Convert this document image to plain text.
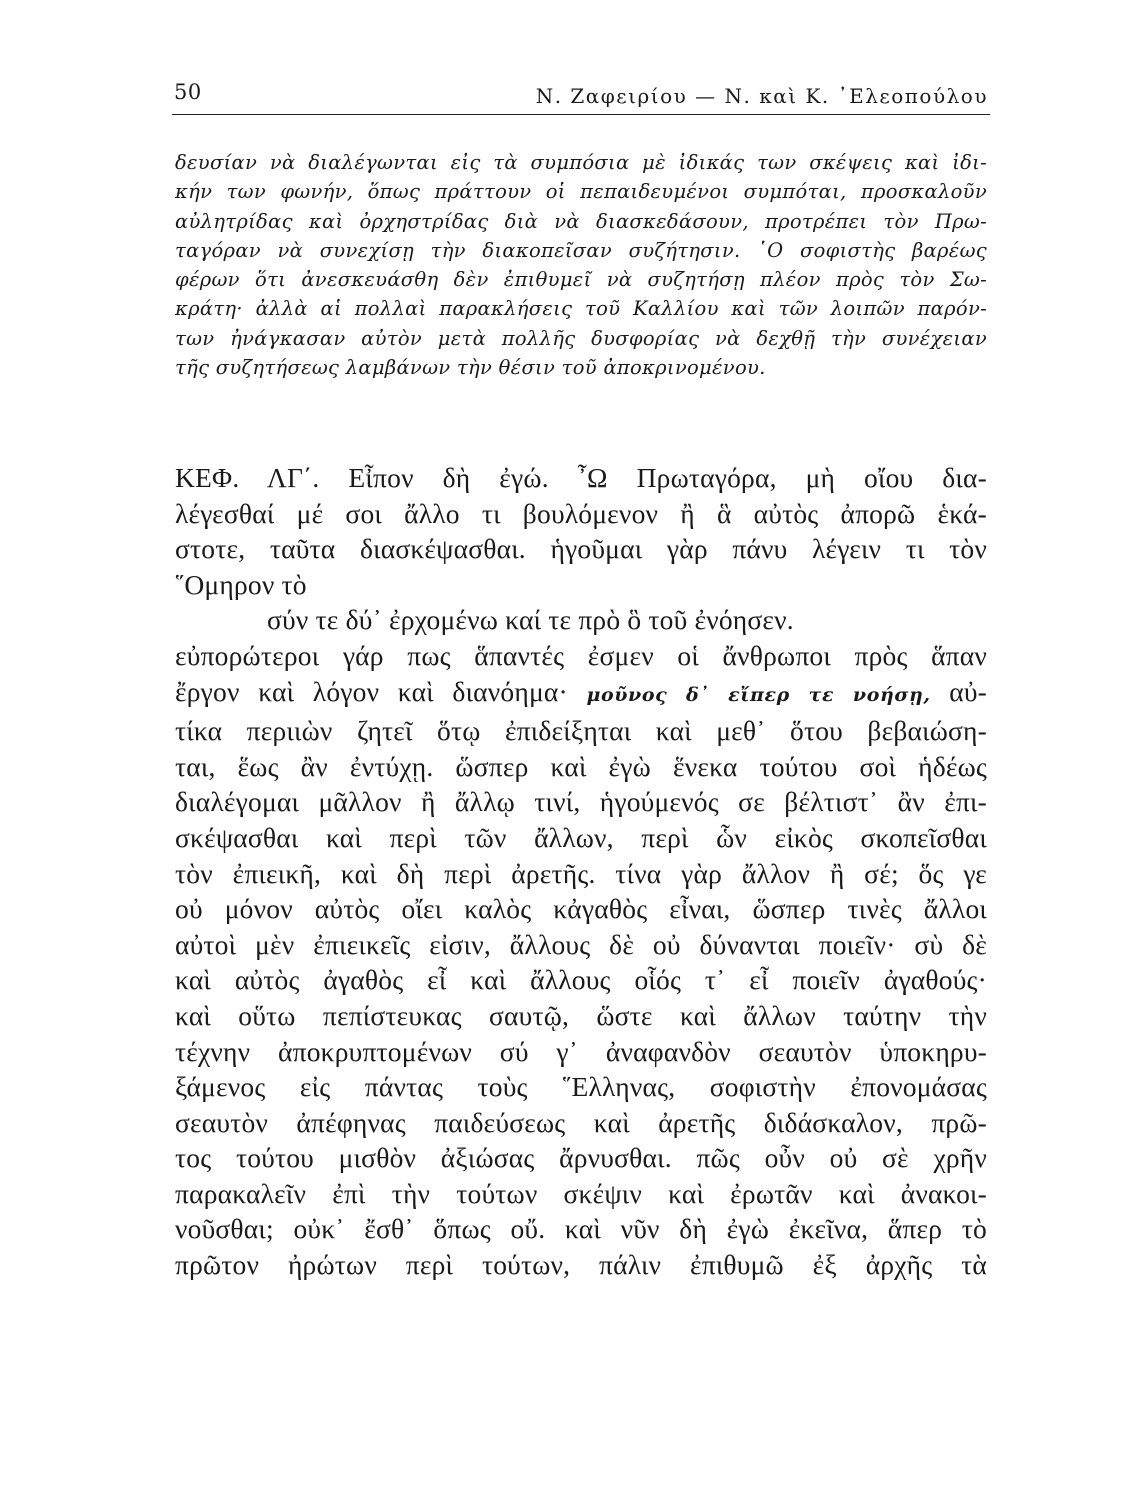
50	Ν. Ζαφειρίου — Ν. καὶ Κ. ᾿Ελεοπούλου
δευσίαν νὰ διαλέγωνται εἰς τὰ συμπόσια μὲ ἰδικάς των σκέψεις καὶ ἰδι-
κήν των φωνήν, ὅπως πράττουν οἱ πεπαιδευμένοι συμπόται, προσκαλοῦν
αὐλητρίδας καὶ ὀρχηστρίδας διὰ νὰ διασκεδάσουν, προτρέπει τὸν Πρω-
ταγόραν νὰ συνεχίσῃ τὴν διακοπεῖσαν συζήτησιν. ῾Ο σοφιστὴς βαρέως
φέρων ὅτι ἀνεσκευάσθη δὲν ἐπιθυμεῖ νὰ συζητήσῃ πλέον πρὸς τὸν Σω-
κράτη· ἀλλὰ αἱ πολλαὶ παρακλήσεις τοῦ Καλλίου καὶ τῶν λοιπῶν παρόν-
των ἠνάγκασαν αὐτὸν μετὰ πολλῆς δυσφορίας νὰ δεχθῇ τὴν συνέχειαν
τῆς συζητήσεως λαμβάνων τὴν θέσιν τοῦ ἀποκρινομένου.
ΚΕΦ. ΛΓ΄. Εἶπον δὴ ἐγώ. ῏Ω Πρωταγόρα, μὴ οἴου δια-
λέγεσθαί μέ σοι ἄλλο τι βουλόμενον ἢ ἃ αὐτὸς ἀπορῶ ἑκά-
στοτε, ταῦτα διασκέψασθαι. ἡγοῦμαι γὰρ πάνυ λέγειν τι τὸν
῞Ομηρον τὸ
σύν τε δύ᾿ ἐρχομένω καί τε πρὸ ὃ τοῦ ἐνόησεν.
εὐπορώτεροι γάρ πως ἅπαντές ἐσμεν οἱ ἄνθρωποι πρὸς ἅπαν
ἔργον καὶ λόγον καὶ διανόημα· μοῦνος δ᾿ εἴπερ τε νοήσῃ, αὐ-
τίκα περιιὼν ζητεῖ ὅτῳ ἐπιδείξηται καὶ μεθ᾿ ὅτου βεβαιώση-
ται, ἕως ἂν ἐντύχῃ. ὥσπερ καὶ ἐγὼ ἕνεκα τούτου σοὶ ἡδέως
διαλέγομαι μᾶλλον ἢ ἄλλῳ τινί, ἡγούμενός σε βέλτιστ᾿ ἂν ἐπι-
σκέψασθαι καὶ περὶ τῶν ἄλλων, περὶ ὧν εἰκὸς σκοπεῖσθαι
τὸν ἐπιεικῆ, καὶ δὴ περὶ ἀρετῆς. τίνα γὰρ ἄλλον ἢ σέ; ὅς γε
οὐ μόνον αὐτὸς οἴει καλὸς κἀγαθὸς εἶναι, ὥσπερ τινὲς ἄλλοι
αὐτοὶ μὲν ἐπιεικεῖς εἰσιν, ἄλλους δὲ οὐ δύνανται ποιεῖν· σὺ δὲ
καὶ αὐτὸς ἀγαθὸς εἶ καὶ ἄλλους οἷός τ᾿ εἶ ποιεῖν ἀγαθούς·
καὶ οὕτω πεπίστευκας σαυτῷ, ὥστε καὶ ἄλλων ταύτην τὴν
τέχνην ἀποκρυπτομένων σύ γ᾿ ἀναφανδὸν σεαυτὸν ὑποκηρυ-
ξάμενος εἰς πάντας τοὺς ῞Ελληνας, σοφιστὴν ἐπονομάσας
σεαυτὸν ἀπέφηνας παιδεύσεως καὶ ἀρετῆς διδάσκαλον, πρῶ-
τος τούτου μισθὸν ἀξιώσας ἄρνυσθαι. πῶς οὖν οὐ σὲ χρῆν
παρακαλεῖν ἐπὶ τὴν τούτων σκέψιν καὶ ἐρωτᾶν καὶ ἀνακοι-
νοῦσθαι; οὐκ᾿ ἔσθ᾿ ὅπως οὔ. καὶ νῦν δὴ ἐγὼ ἐκεῖνα, ἅπερ τὸ
πρῶτον ἠρώτων περὶ τούτων, πάλιν ἐπιθυμῶ ἐξ ἀρχῆς τὰ
